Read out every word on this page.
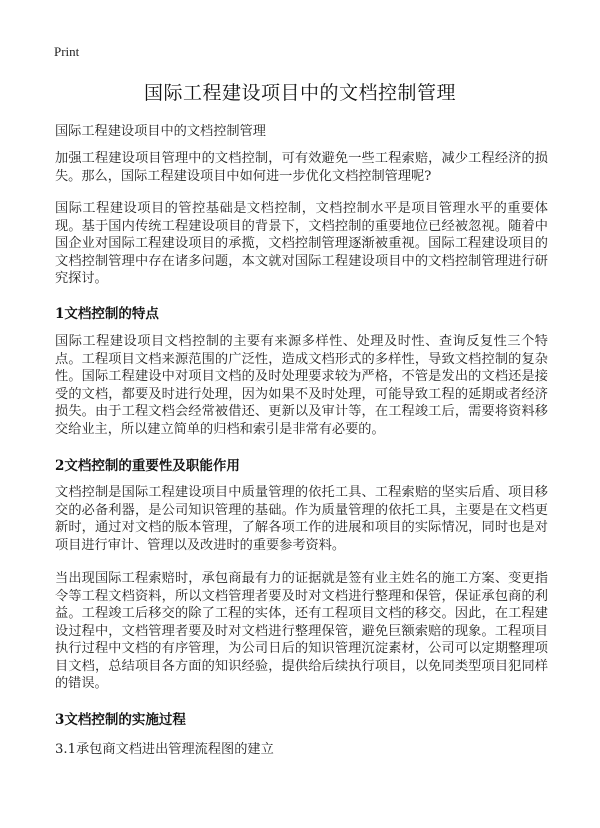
Print
国际工程建设项目中的文档控制管理

国际工程建设项目中的文档控制管理

加强工程建设项目管理中的文档控制，可有效避免一些工程索赔，减少工程经济的损失。那么，国际工程建设项目中如何进一步优化文档控制管理呢?

国际工程建设项目的管控基础是文档控制，文档控制水平是项目管理水平的重要体现。基于国内传统工程建设项目的背景下，文档控制的重要地位已经被忽视。随着中国企业对国际工程建设项目的承揽，文档控制管理逐渐被重视。国际工程建设项目的文档控制管理中存在诸多问题，本文就对国际工程建设项目中的文档控制管理进行研究探讨。

1文档控制的特点

国际工程建设项目文档控制的主要有来源多样性、处理及时性、查询反复性三个特点。工程项目文档来源范围的广泛性，造成文档形式的多样性，导致文档控制的复杂性。国际工程建设中对项目文档的及时处理要求较为严格，不管是发出的文档还是接受的文档，都要及时进行处理，因为如果不及时处理，可能导致工程的延期或者经济损失。由于工程文档会经常被借还、更新以及审计等，在工程竣工后，需要将资料移交给业主，所以建立简单的归档和索引是非常有必要的。

2文档控制的重要性及职能作用

文档控制是国际工程建设项目中质量管理的依托工具、工程索赔的坚实后盾、项目移交的必备利器，是公司知识管理的基础。作为质量管理的依托工具，主要是在文档更新时，通过对文档的版本管理，了解各项工作的进展和项目的实际情况，同时也是对项目进行审计、管理以及改进时的重要参考资料。

当出现国际工程索赔时，承包商最有力的证据就是签有业主姓名的施工方案、变更指令等工程文档资料，所以文档管理者要及时对文档进行整理和保管，保证承包商的利益。工程竣工后移交的除了工程的实体，还有工程项目文档的移交。因此，在工程建设过程中，文档管理者要及时对文档进行整理保管，避免巨额索赔的现象。工程项目执行过程中文档的有序管理，为公司日后的知识管理沉淀素材，公司可以定期整理项目文档，总结项目各方面的知识经验，提供给后续执行项目，以免同类型项目犯同样的错误。

3文档控制的实施过程

3.1承包商文档进出管理流程图的建立
